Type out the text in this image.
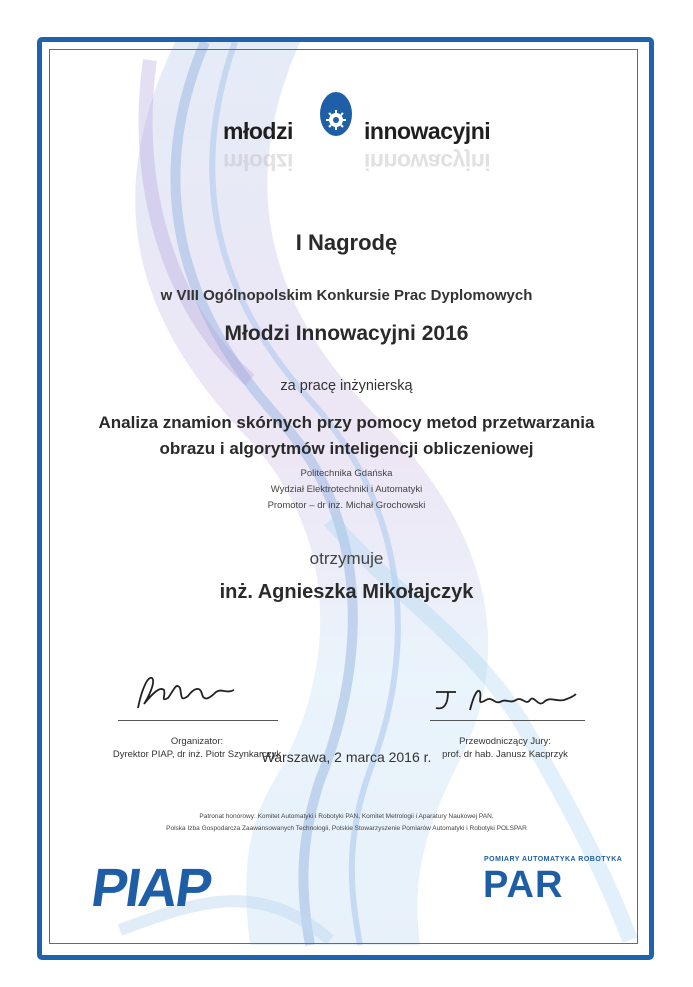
młodzi	innowacyjni
młodzi	innowacyjni
I Nagrodę
w VIII Ogólnopolskim Konkursie Prac Dyplomowych
Młodzi Innowacyjni 2016
za pracę inżynierską
Analiza znamion skórnych przy pomocy metod przetwarzania
obrazu i algorytmów inteligencji obliczeniowej
Politechnika Gdańska
Wydział Elektrotechniki i Automatyki
Promotor – dr inż. Michał Grochowski
otrzymuje
inż. Agnieszka Mikołajczyk
Organizator:
Dyrektor PIAP, dr inż. Piotr Szynkarczyk
Przewodniczący Jury:
prof. dr hab. Janusz Kacprzyk
Warszawa, 2 marca 2016 r.
Patronat honorowy: Komitet Automatyki i Robotyki PAN, Komitet Metrologii i Aparatury Naukowej PAN,
Polska Izba Gospodarcza Zaawansowanych Technologii, Polskie Stowarzyszenie Pomiarów Automatyki i Robotyki POLSPAR
PIAP	POMIARY AUTOMATYKA ROBOTYKA
PAR
